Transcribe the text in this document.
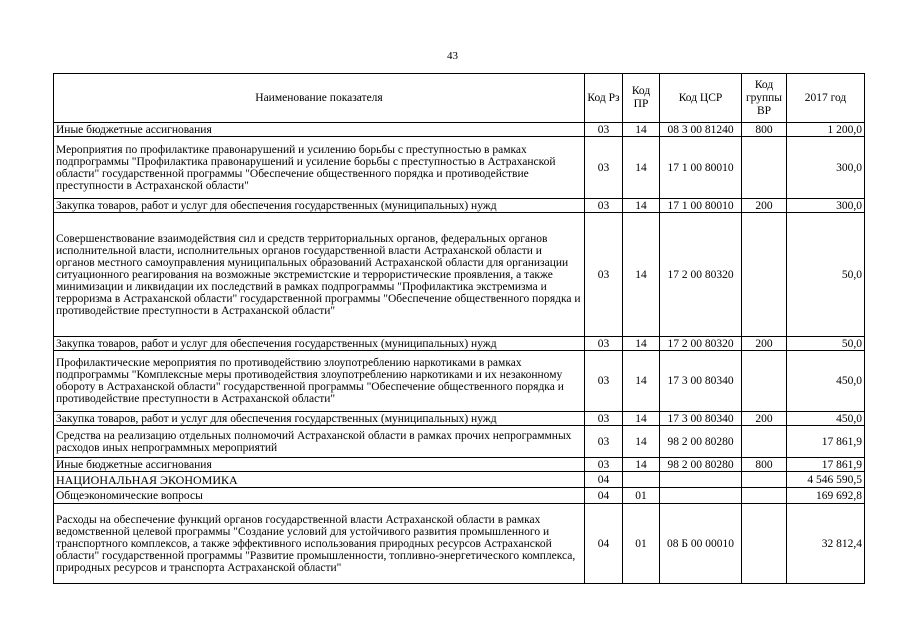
43
Наименование показателя	Код Рз	Код ПР	Код ЦСР	Код группы ВР	2017 год
Иные бюджетные ассигнования	03	14	08 3 00 81240	800	1 200,0
Мероприятия по профилактике правонарушений и усилению борьбы с преступностью в рамках подпрограммы "Профилактика правонарушений и усиление борьбы с преступностью в Астраханской области" государственной программы "Обеспечение общественного порядка и противодействие преступности в Астраханской области"	03	14	17 1 00 80010		300,0
Закупка товаров, работ и услуг для обеспечения государственных (муниципальных) нужд	03	14	17 1 00 80010	200	300,0
Совершенствование взаимодействия сил и средств территориальных органов, федеральных органов исполнительной власти, исполнительных органов государственной власти Астраханской области и органов местного самоуправления муниципальных образований Астраханской области для организации ситуационного реагирования на возможные экстремистские и террористические проявления, а также минимизации и ликвидации их последствий в рамках подпрограммы "Профилактика экстремизма и терроризма в Астраханской области" государственной программы "Обеспечение общественного порядка и противодействие преступности в Астраханской области"	03	14	17 2 00 80320		50,0
Закупка товаров, работ и услуг для обеспечения государственных (муниципальных) нужд	03	14	17 2 00 80320	200	50,0
Профилактические мероприятия по противодействию злоупотреблению наркотиками в рамках подпрограммы "Комплексные меры противодействия злоупотреблению наркотиками и их незаконному обороту в Астраханской области" государственной программы "Обеспечение общественного порядка и противодействие преступности в Астраханской области"	03	14	17 3 00 80340		450,0
Закупка товаров, работ и услуг для обеспечения государственных (муниципальных) нужд	03	14	17 3 00 80340	200	450,0
Средства на реализацию отдельных полномочий Астраханской области в рамках прочих непрограммных расходов иных непрограммных мероприятий	03	14	98 2 00 80280		17 861,9
Иные бюджетные ассигнования	03	14	98 2 00 80280	800	17 861,9
НАЦИОНАЛЬНАЯ ЭКОНОМИКА	04				4 546 590,5
Общеэкономические вопросы	04	01			169 692,8
Расходы на обеспечение функций органов государственной власти Астраханской области в рамках ведомственной целевой программы "Создание условий для устойчивого развития промышленного и транспортного комплексов, а также эффективного использования природных ресурсов Астраханской области" государственной программы "Развитие промышленности, топливно-энергетического комплекса, природных ресурсов и транспорта Астраханской области"	04	01	08 Б 00 00010		32 812,4
